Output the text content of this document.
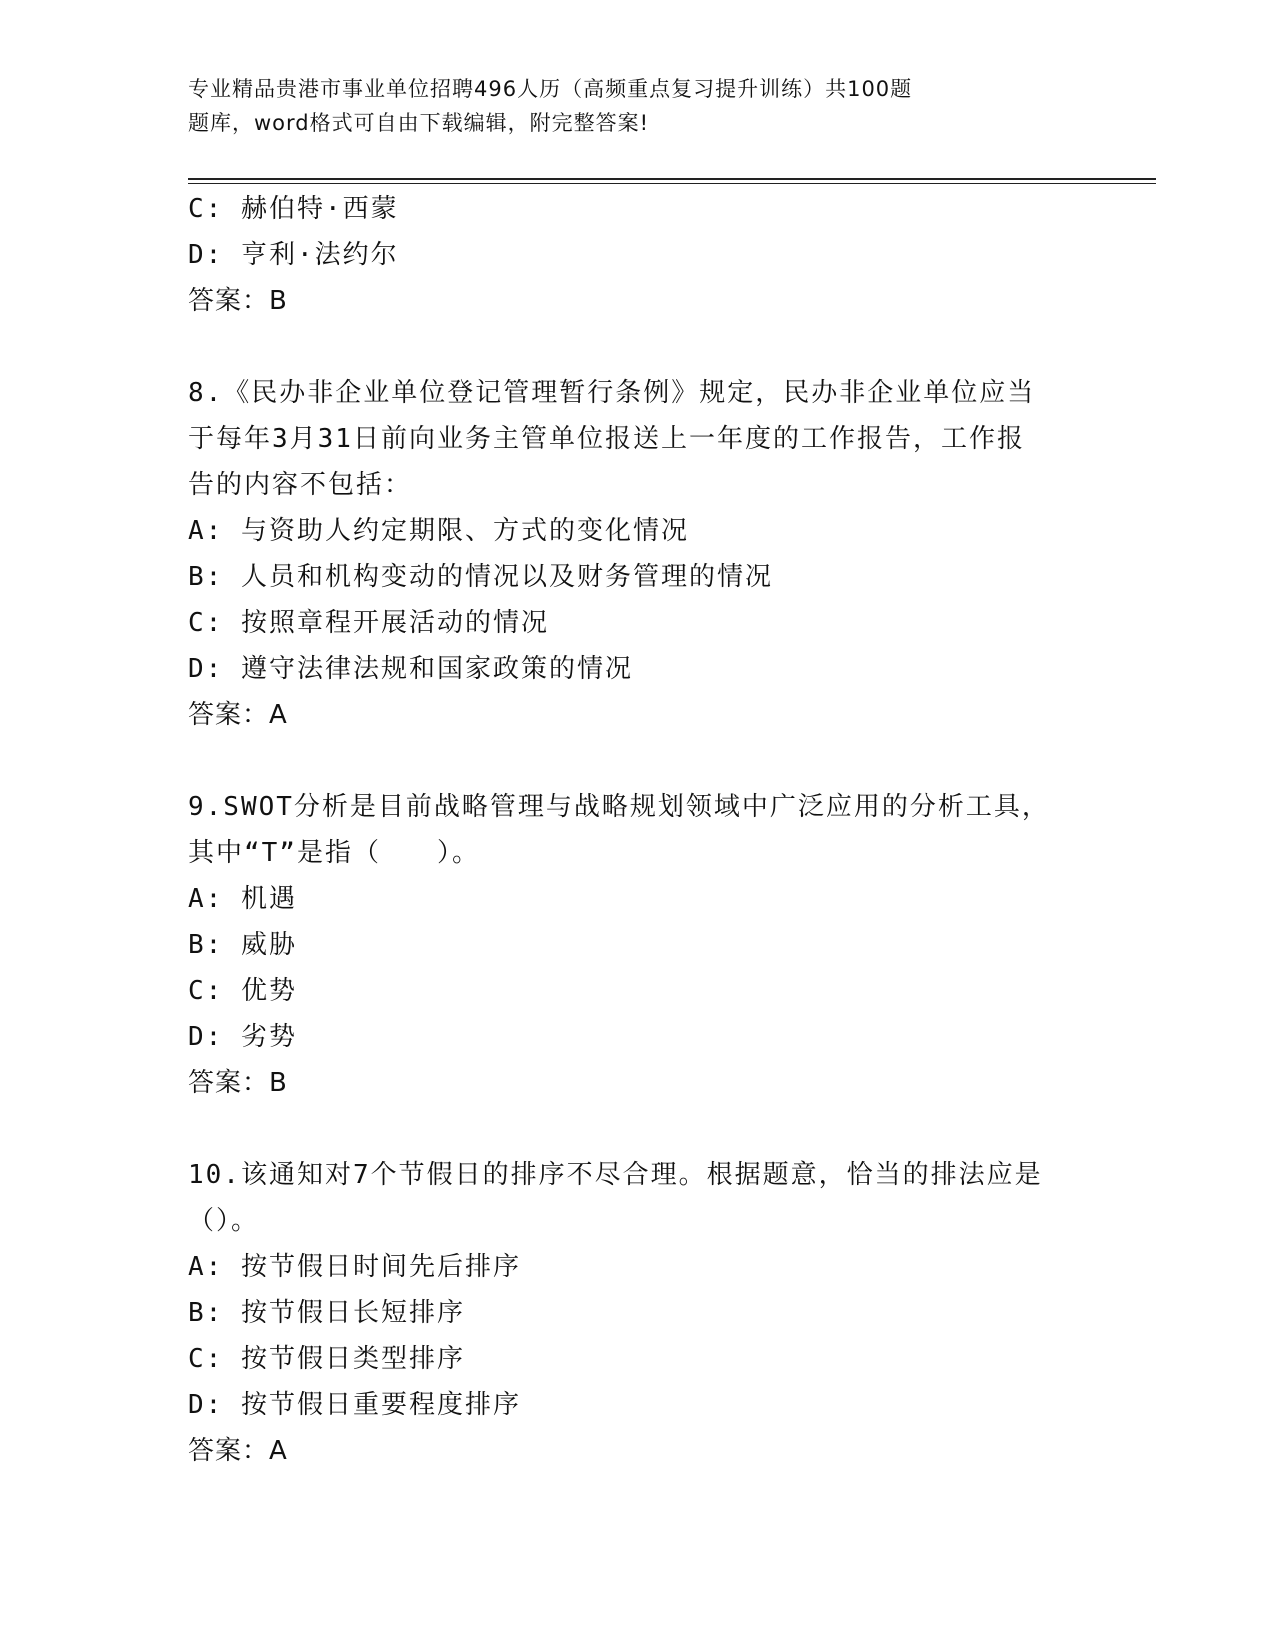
专业精品贵港市事业单位招聘496人历（高频重点复习提升训练）共100题
题库，word格式可自由下载编辑，附完整答案!
C: 赫伯特·西蒙
D: 亨利·法约尔
答案：B
8.《民办非企业单位登记管理暂行条例》规定，民办非企业单位应当
于每年3月31日前向业务主管单位报送上一年度的工作报告，工作报
告的内容不包括：
A: 与资助人约定期限、方式的变化情况
B: 人员和机构变动的情况以及财务管理的情况
C: 按照章程开展活动的情况
D: 遵守法律法规和国家政策的情况
答案：A
9.SWOT分析是目前战略管理与战略规划领域中广泛应用的分析工具，
其中“T”是指（　　）。
A: 机遇
B: 威胁
C: 优势
D: 劣势
答案：B
10.该通知对7个节假日的排序不尽合理。根据题意，恰当的排法应是
（）。
A: 按节假日时间先后排序
B: 按节假日长短排序
C: 按节假日类型排序
D: 按节假日重要程度排序
答案：A
